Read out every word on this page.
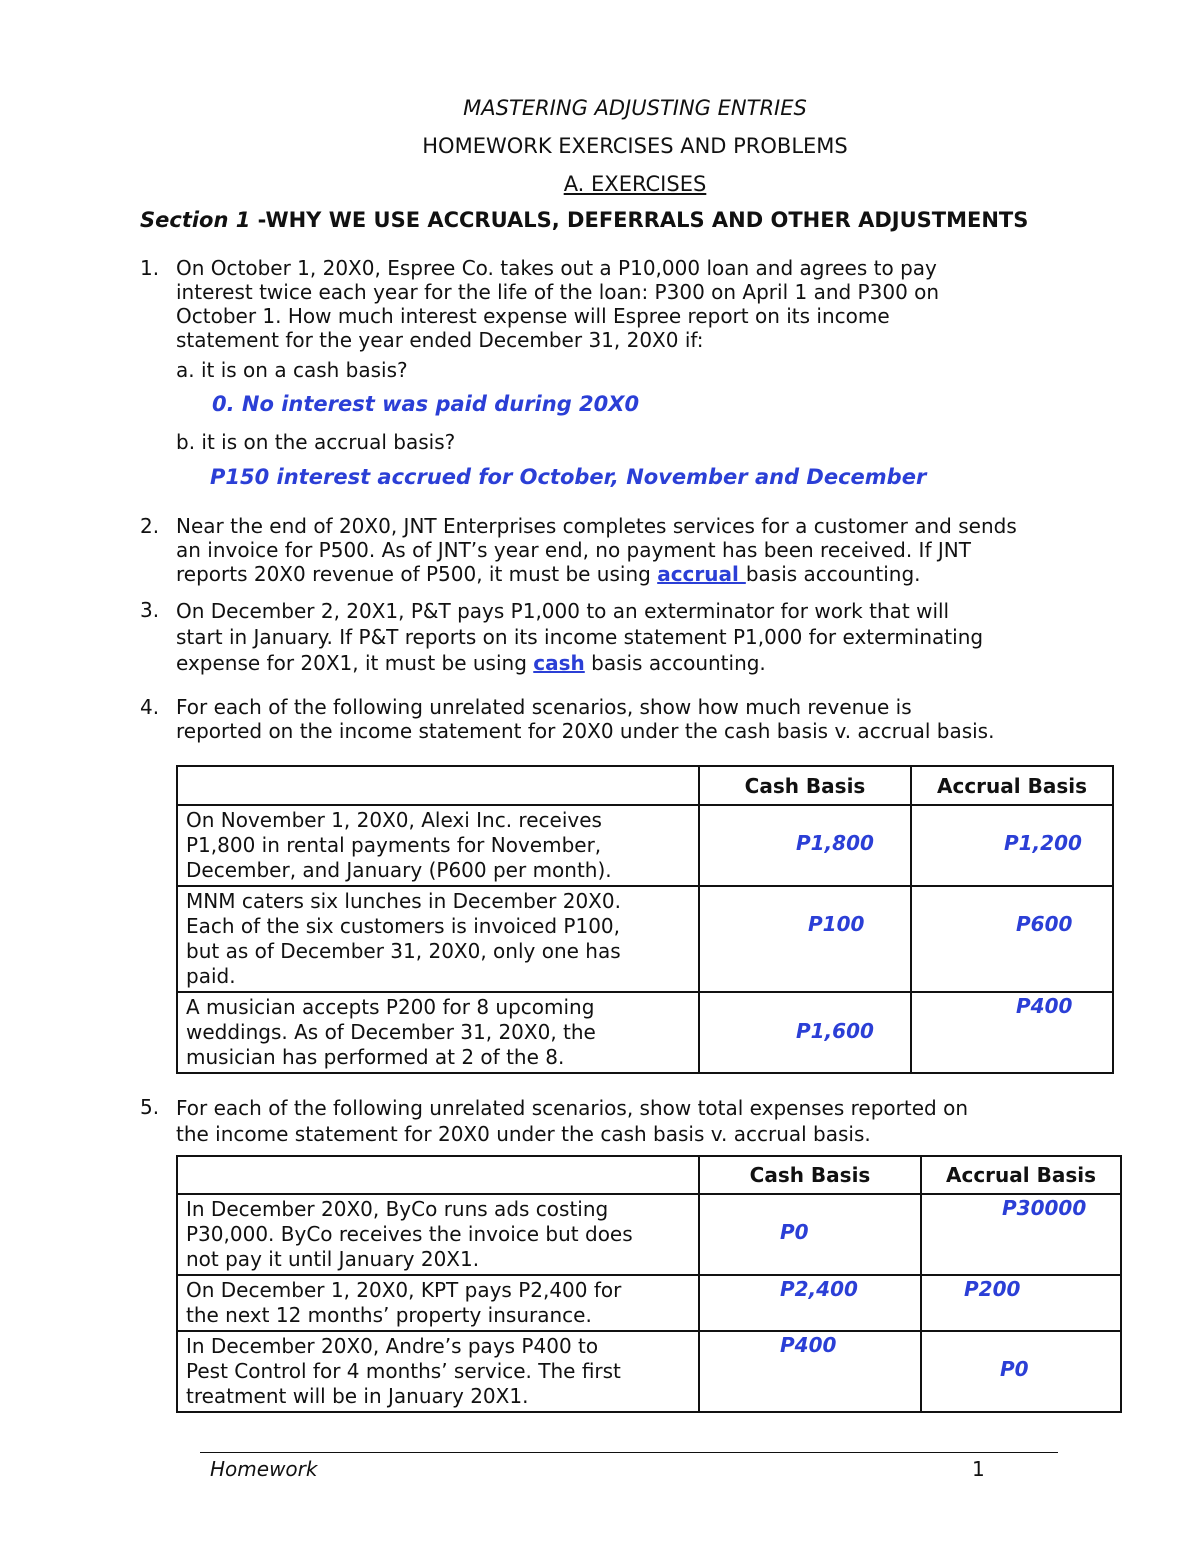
MASTERING ADJUSTING ENTRIES
HOMEWORK EXERCISES AND PROBLEMS
A. EXERCISES
Section 1 -WHY WE USE ACCRUALS, DEFERRALS AND OTHER ADJUSTMENTS
1. On October 1, 20X0, Espree Co. takes out a P10,000 loan and agrees to pay
interest twice each year for the life of the loan: P300 on April 1 and P300 on
October 1. How much interest expense will Espree report on its income
statement for the year ended December 31, 20X0 if:
a. it is on a cash basis?
0. No interest was paid during 20X0
b. it is on the accrual basis?
P150 interest accrued for October, November and December
2. Near the end of 20X0, JNT Enterprises completes services for a customer and sends
an invoice for P500. As of JNT’s year end, no payment has been received. If JNT
reports 20X0 revenue of P500, it must be using accrual basis accounting.
3. On December 2, 20X1, P&T pays P1,000 to an exterminator for work that will
start in January. If P&T reports on its income statement P1,000 for exterminating
expense for 20X1, it must be using cash basis accounting.
4. For each of the following unrelated scenarios, show how much revenue is
reported on the income statement for 20X0 under the cash basis v. accrual basis.
	Cash Basis	Accrual Basis

On November 1, 20X0, Alexi Inc. receives
P1,800 in rental payments for November,
December, and January (P600 per month).	P1,800	P1,200

MNM caters six lunches in December 20X0.
Each of the six customers is invoiced P100,
but as of December 31, 20X0, only one has
paid.	P100	P600

A musician accepts P200 for 8 upcoming
weddings. As of December 31, 20X0, the
musician has performed at 2 of the 8.	P1,600	P400
5. For each of the following unrelated scenarios, show total expenses reported on
the income statement for 20X0 under the cash basis v. accrual basis.
	Cash Basis	Accrual Basis

In December 20X0, ByCo runs ads costing
P30,000. ByCo receives the invoice but does
not pay it until January 20X1.	P0	P30000

On December 1, 20X0, KPT pays P2,400 for
the next 12 months’ property insurance.	P2,400	P200

In December 20X0, Andre’s pays P400 to
Pest Control for 4 months’ service. The first
treatment will be in January 20X1.	P400	P0
Homework	1
